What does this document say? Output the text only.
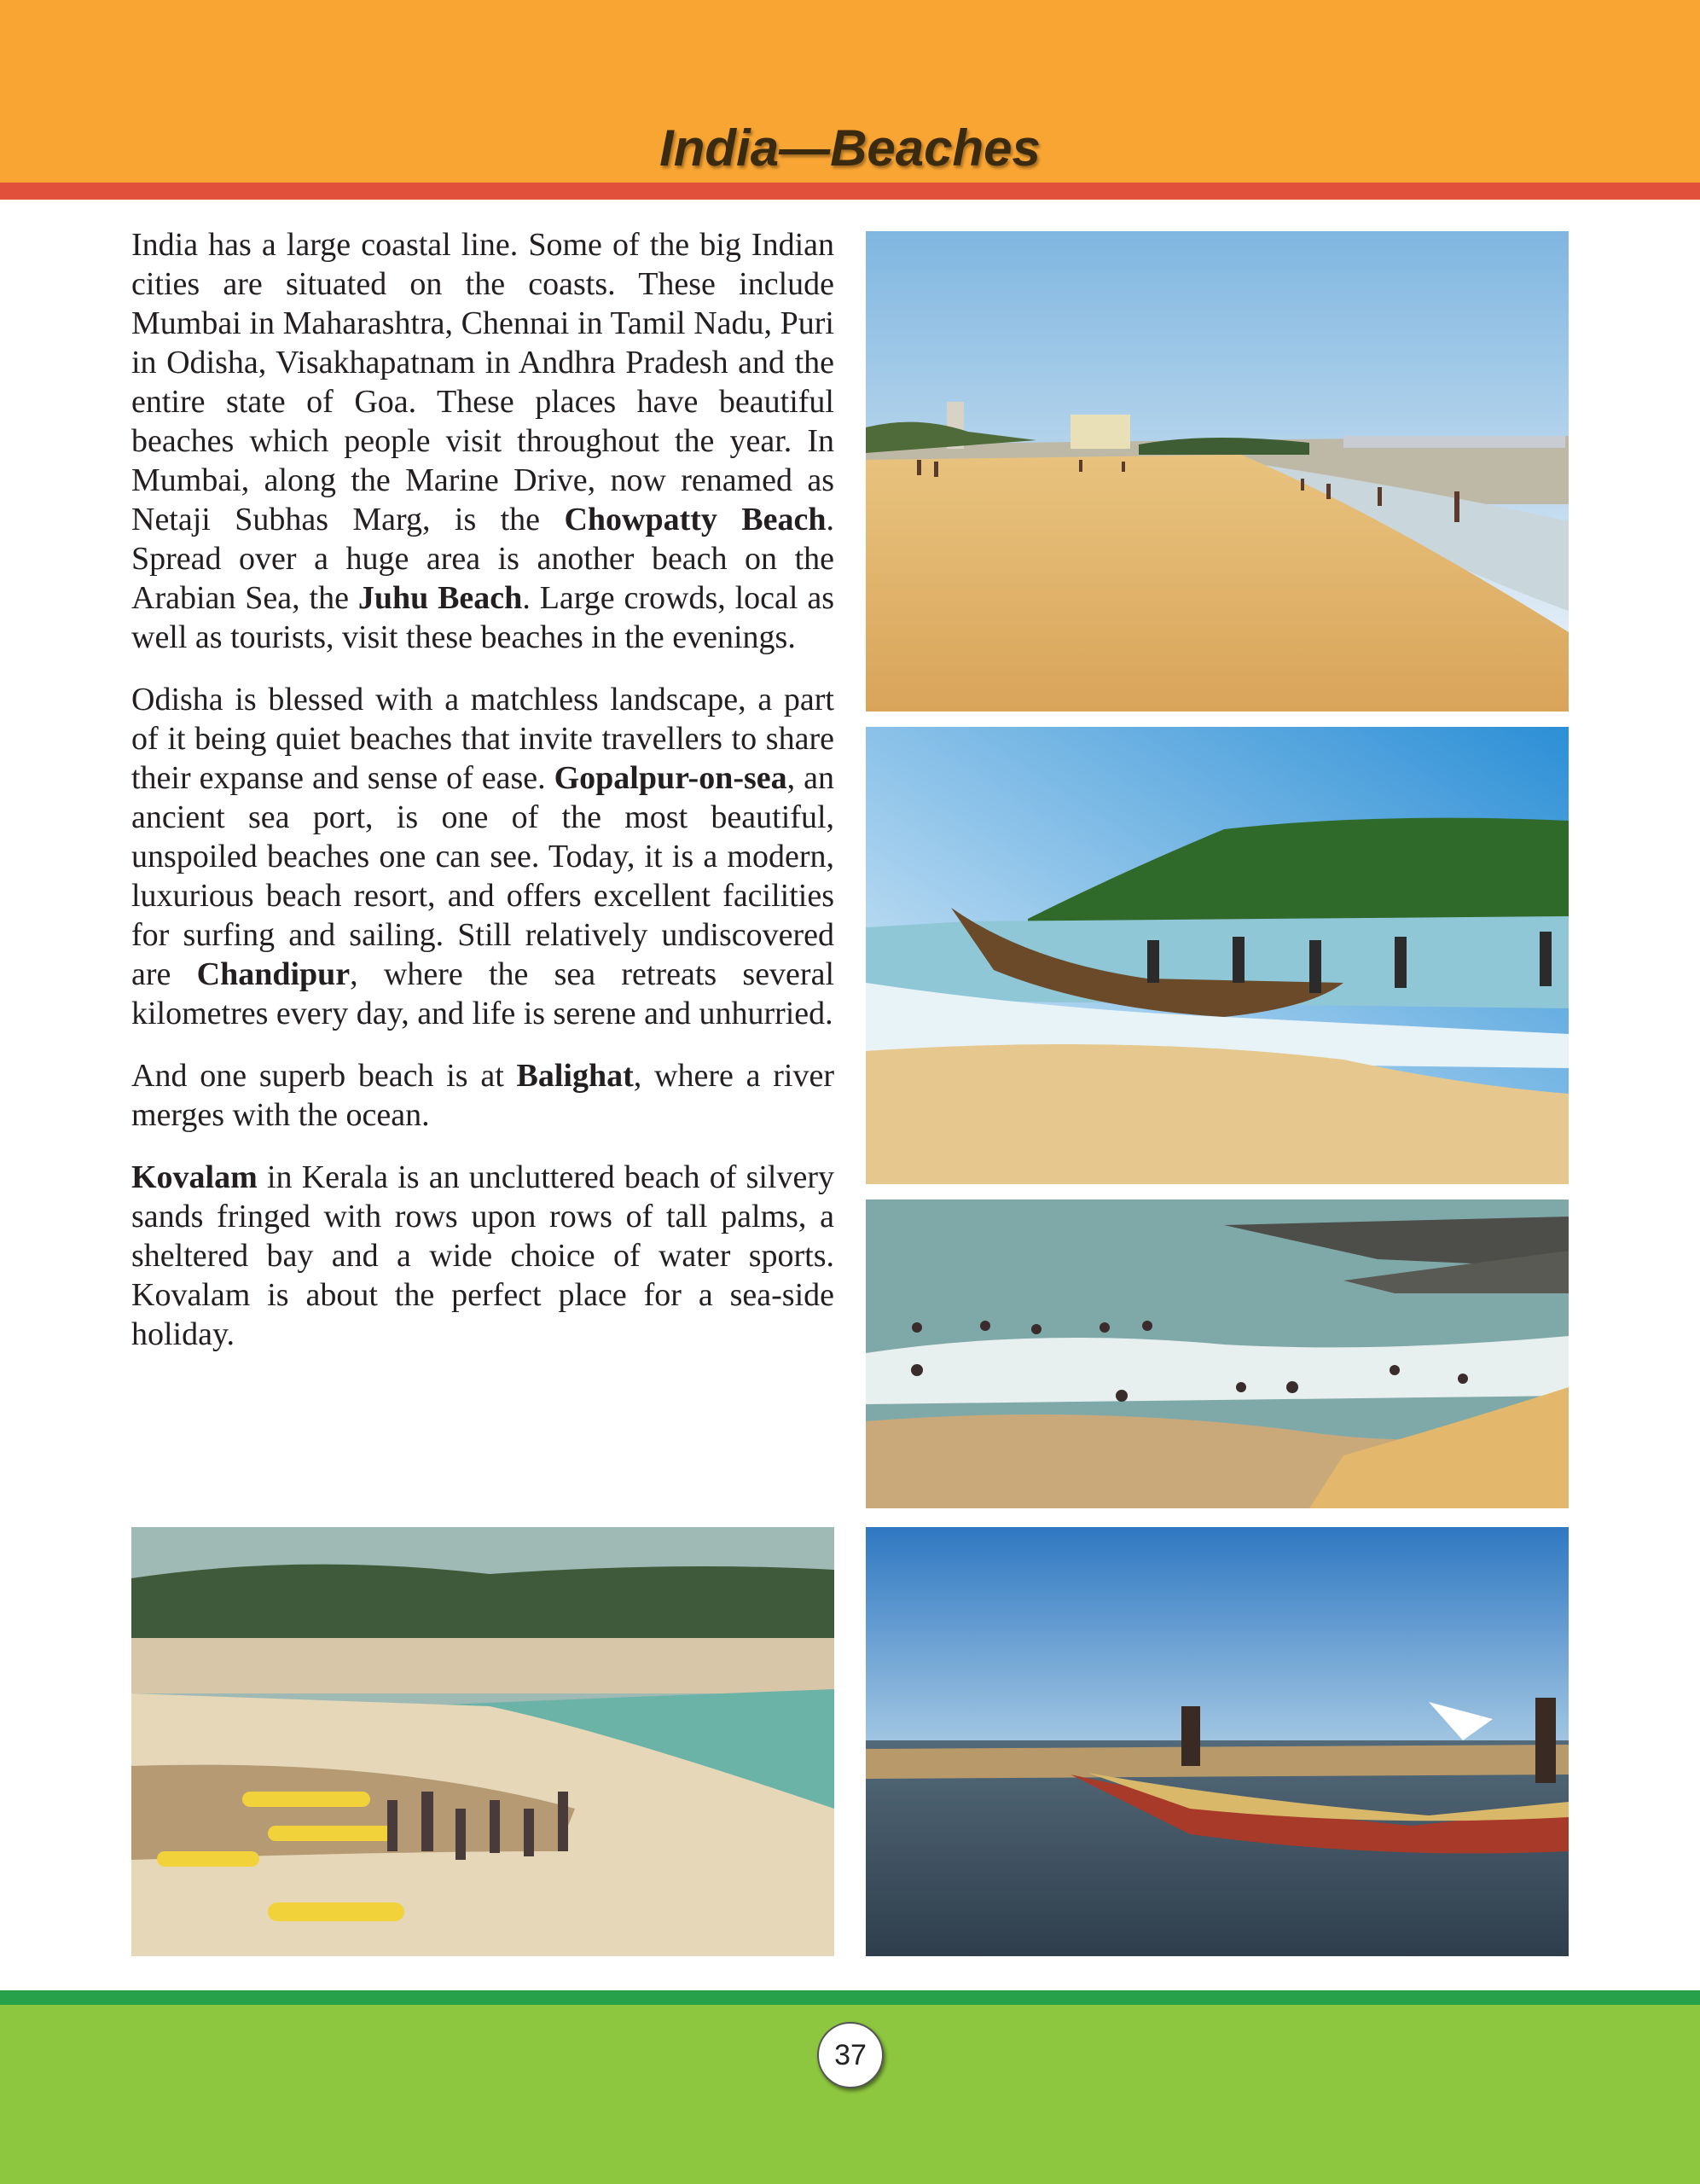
India—Beaches

India has a large coastal line. Some of the big Indian cities are situated on the coasts. These include Mumbai in Maharashtra, Chennai in Tamil Nadu, Puri in Odisha, Visakhapatnam in Andhra Pradesh and the entire state of Goa. These places have beautiful beaches which people visit throughout the year. In Mumbai, along the Marine Drive, now renamed as Netaji Subhas Marg, is the Chowpatty Beach. Spread over a huge area is another beach on the Arabian Sea, the Juhu Beach. Large crowds, local as well as tourists, visit these beaches in the evenings.

Odisha is blessed with a matchless landscape, a part of it being quiet beaches that invite travellers to share their expanse and sense of ease. Gopalpur-on-sea, an ancient sea port, is one of the most beautiful, unspoiled beaches one can see. Today, it is a modern, luxurious beach resort, and offers excellent facilities for surfing and sailing. Still relatively undiscovered are Chandipur, where the sea retreats several kilometres every day, and life is serene and unhurried.

And one superb beach is at Balighat, where a river merges with the ocean.

Kovalam in Kerala is an uncluttered beach of silvery sands fringed with rows upon rows of tall palms, a sheltered bay and a wide choice of water sports. Kovalam is about the perfect place for a sea-side holiday.

37
